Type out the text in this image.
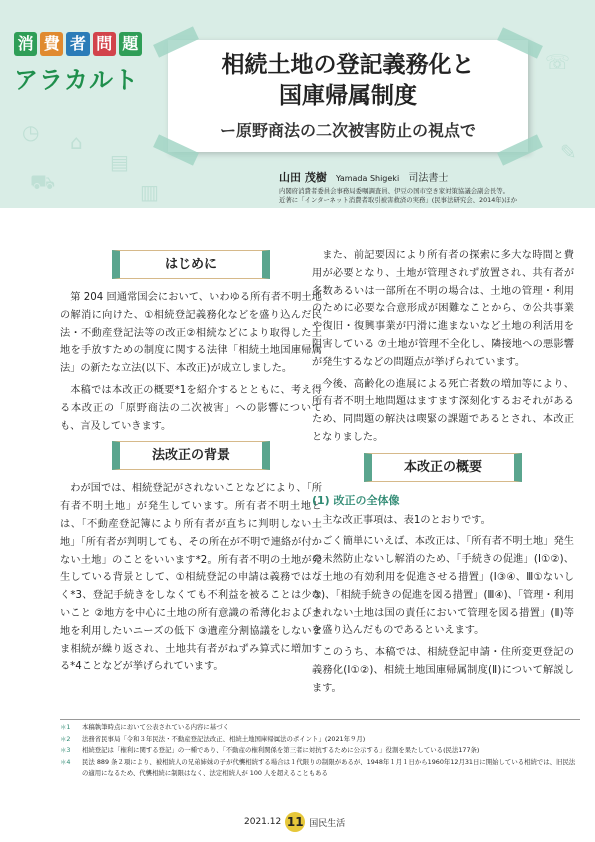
◷ ⌂
▤
⛟	▥
☏
✎
消 費 者 問 題
アラカルト
相続土地の登記義務化と
国庫帰属制度
ー原野商法の二次被害防止の視点で
山田 茂樹 Yamada Shigeki 司法書士
内閣府消費者委員会事務局委嘱調査員、伊豆の国市空き家対策協議会副会長等。
近著に「インターネット消費者取引被害救済の実務」(民事法研究会、2014年)ほか
はじめに

第 204 回通常国会において、いわゆる所有者不明土地の解消に向けた、①相続登記義務化などを盛り込んだ民法・不動産登記法等の改正②相続などにより取得した土地を手放すための制度に関する法律「相続土地国庫帰属法」の新たな立法(以下、本改正)が成立しました。

本稿では本改正の概要*1を紹介するとともに、考え得る本改正の「原野商法の二次被害」への影響についても、言及していきます。

法改正の背景

わが国では、相続登記がされないことなどにより、「所有者不明土地」が発生しています。所有者不明土地とは、「不動産登記簿により所有者が直ちに判明しない土地」「所有者が判明しても、その所在が不明で連絡が付かない土地」のことをいいます*2。所有者不明の土地が発生している背景として、①相続登記の申請は義務ではなく*3、登記手続きをしなくても不利益を被ることは少ないこと ②地方を中心に土地の所有意識の希薄化および土地を利用したいニーズの低下 ③遺産分割協議をしないまま相続が繰り返され、土地共有者がねずみ算式に増加する*4ことなどが挙げられています。

また、前記要因により所有者の探索に多大な時間と費用が必要となり、土地が管理されず放置され、共有者が多数あるいは一部所在不明の場合は、土地の管理・利用のために必要な合意形成が困難なことから、⑦公共事業や復旧・復興事業が円滑に進まないなど土地の利活用を阻害している ⑦土地が管理不全化し、隣接地への悪影響が発生するなどの問題点が挙げられています。

今後、高齢化の進展による死亡者数の増加等により、所有者不明土地問題はますます深刻化するおそれがあるため、同問題の解決は喫緊の課題であるとされ、本改正となりました。

本改正の概要
(1) 改正の全体像

主な改正事項は、表1のとおりです。

ごく簡単にいえば、本改正は、「所有者不明土地」発生の未然防止ないし解消のため、「手続きの促進」(Ⅰ①②)、「土地の有効利用を促進させる措置」(Ⅰ③④、Ⅲ①ないし③)、「相続手続きの促進を図る措置」(Ⅲ④)、「管理・利用されない土地は国の責任において管理を図る措置」(Ⅱ)等を盛り込んだものであるといえます。

このうち、本稿では、相続登記申請・住所変更登記の義務化(Ⅰ①②)、相続土地国庫帰属制度(Ⅱ)について解説します。

＊1	本稿執筆時点において公表されている内容に基づく
＊2	法務省民事局「令和３年民法・不動産登記法改正、相続土地国庫帰属法のポイント」(2021年９月)
＊3	相続登記は「権利に関する登記」の一種であり、「不動産の権利関係を第三者に対抗するために公示する」役割を果たしている(民法177条)
＊4	民法 889 条２項により、被相続人の兄弟姉妹の子が代襲相続する場合は１代限りの制限があるが、1948年１月１日から1960年12月31日に開始している相続では、旧民法の適用になるため、代襲相続に制限はなく、法定相続人が 100 人を超えることもある
2021.12 11 国民生活
